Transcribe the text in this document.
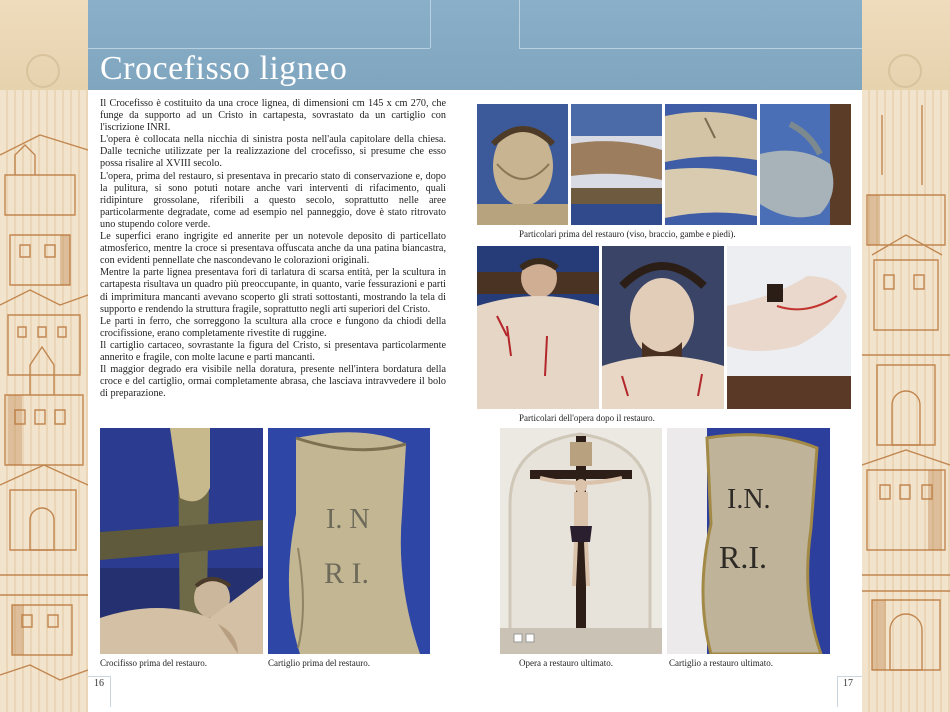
Crocefisso ligneo

Il Crocefisso è costituito da una croce lignea, di dimensioni cm 145 x cm 270, che funge da supporto ad un Cristo in cartapesta, sovrastato da un cartiglio con l'iscrizione INRI.

L'opera è collocata nella nicchia di sinistra posta nell'aula capitolare della chiesa. Dalle tecniche utilizzate per la realizzazione del crocefisso, si presume che esso possa risalire al XVIII secolo.

L'opera, prima del restauro, si presentava in precario stato di conservazione e, dopo la pulitura, si sono potuti notare anche vari interventi di rifacimento, quali ridipinture grossolane, riferibili a questo secolo, soprattutto nelle aree particolarmente degradate, come ad esempio nel panneggio, dove è stato ritrovato uno stupendo colore verde.

Le superfici erano ingrigite ed annerite per un notevole deposito di particellato atmosferico, mentre la croce si presentava offuscata anche da una patina biancastra, con evidenti pennellate che nascondevano le colorazioni originali.

Mentre la parte lignea presentava fori di tarlatura di scarsa entità, per la scultura in cartapesta risultava un quadro più preoccupante, in quanto, varie fessurazioni e parti di imprimitura mancanti avevano scoperto gli strati sottostanti, mostrando la tela di supporto e rendendo la struttura fragile, soprattutto negli arti superiori del Cristo.

Le parti in ferro, che sorreggono la scultura alla croce e fungono da chiodi della crocifissione, erano completamente rivestite di ruggine.

Il cartiglio cartaceo, sovrastante la figura del Cristo, si presentava particolarmente annerito e fragile, con molte lacune e parti mancanti.

Il maggior degrado era visibile nella doratura, presente nell'intera bordatura della croce e del cartiglio, ormai completamente abrasa, che lasciava intravvedere il bolo di preparazione.

Crocifisso prima del restauro.
I. N
R I.
Cartiglio prima del restauro.
16
Particolari prima del restauro (viso, braccio, gambe e piedi).
Particolari dell'opera dopo il restauro.
Opera a restauro ultimato.
I.N.
R.I.
Cartiglio a restauro ultimato.
17
